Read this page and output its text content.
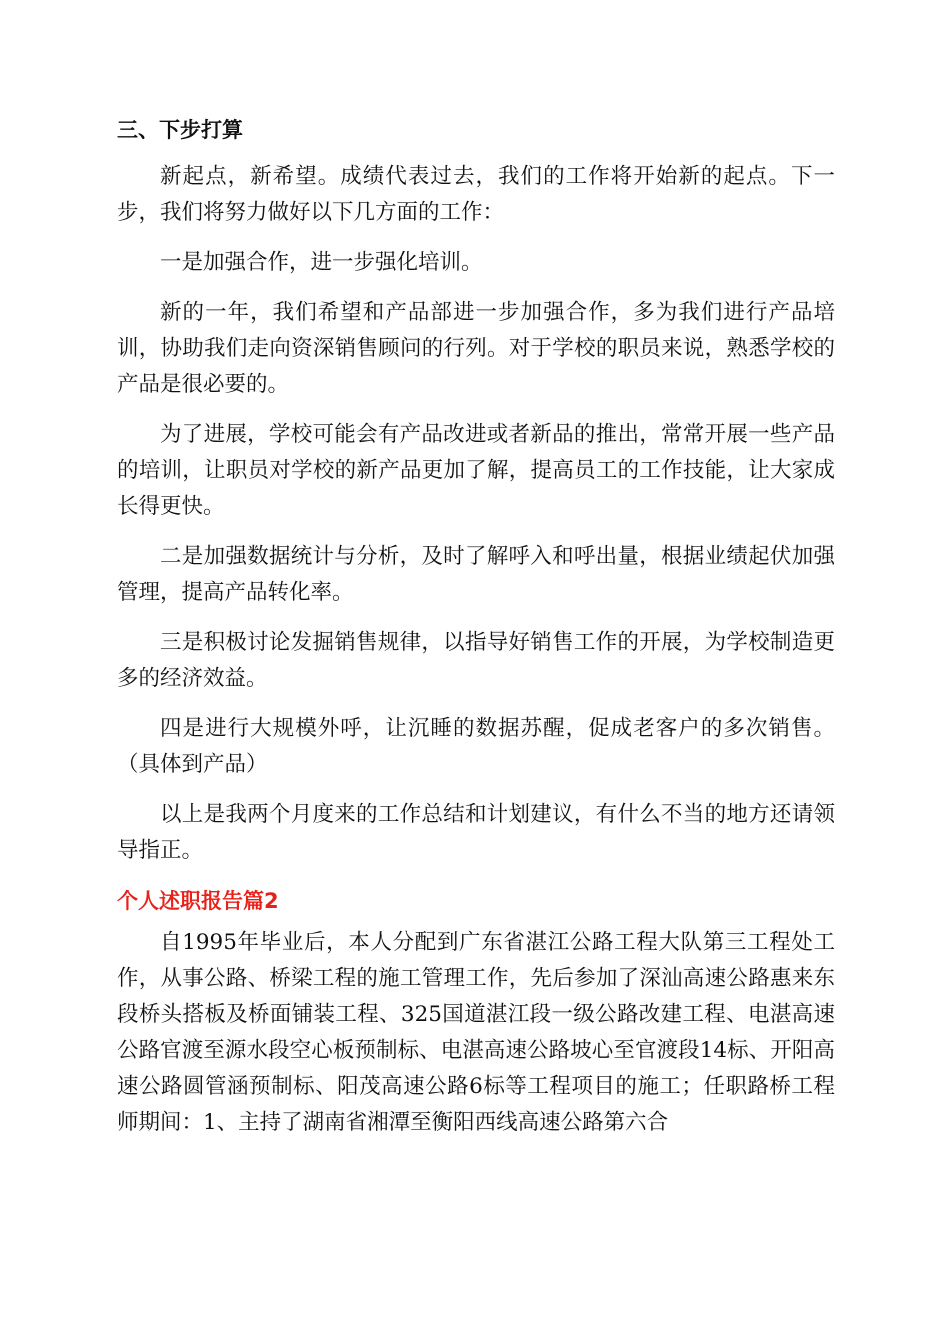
三、下步打算

新起点，新希望。成绩代表过去，我们的工作将开始新的起点。下一步，我们将努力做好以下几方面的工作：

一是加强合作，进一步强化培训。

新的一年，我们希望和产品部进一步加强合作，多为我们进行产品培训，协助我们走向资深销售顾问的行列。对于学校的职员来说，熟悉学校的产品是很必要的。

为了进展，学校可能会有产品改进或者新品的推出，常常开展一些产品的培训，让职员对学校的新产品更加了解，提高员工的工作技能，让大家成长得更快。

二是加强数据统计与分析，及时了解呼入和呼出量，根据业绩起伏加强管理，提高产品转化率。

三是积极讨论发掘销售规律，以指导好销售工作的开展，为学校制造更多的经济效益。

四是进行大规模外呼，让沉睡的数据苏醒，促成老客户的多次销售。（具体到产品）

以上是我两个月度来的工作总结和计划建议，有什么不当的地方还请领导指正。

个人述职报告篇2

自1995年毕业后，本人分配到广东省湛江公路工程大队第三工程处工作，从事公路、桥梁工程的施工管理工作，先后参加了深汕高速公路惠来东段桥头搭板及桥面铺装工程、325国道湛江段一级公路改建工程、电湛高速公路官渡至源水段空心板预制标、电湛高速公路坡心至官渡段14标、开阳高速公路圆管涵预制标、阳茂高速公路6标等工程项目的施工；任职路桥工程师期间：1、主持了湖南省湘潭至衡阳西线高速公路第六合
